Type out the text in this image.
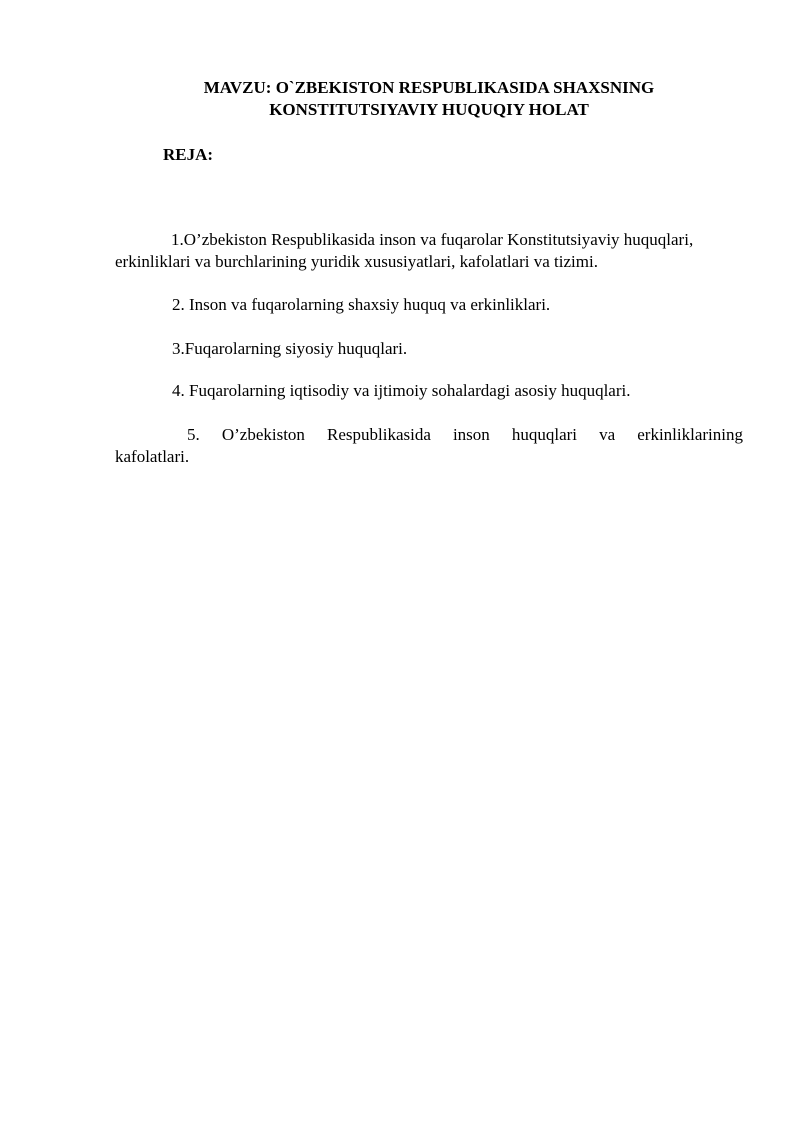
MAVZU: O`ZBEKISTON RESPUBLIKASIDA SHAXSNING

KONSTITUTSIYAVIY HUQUQIY HOLAT

REJA:
1.O’zbekiston Respublikasida inson va fuqarolar Konstitutsiyaviy huquqlari,
erkinliklari va burchlarining yuridik xususiyatlari, kafolatlari va tizimi.
2. Inson va fuqarolarning shaxsiy huquq va erkinliklari.
3.Fuqarolarning siyosiy huquqlari.
4. Fuqarolarning iqtisodiy va ijtimoiy sohalardagi asosiy huquqlari.
5. O’zbekiston Respublikasida inson huquqlari va erkinliklarining
kafolatlari.
